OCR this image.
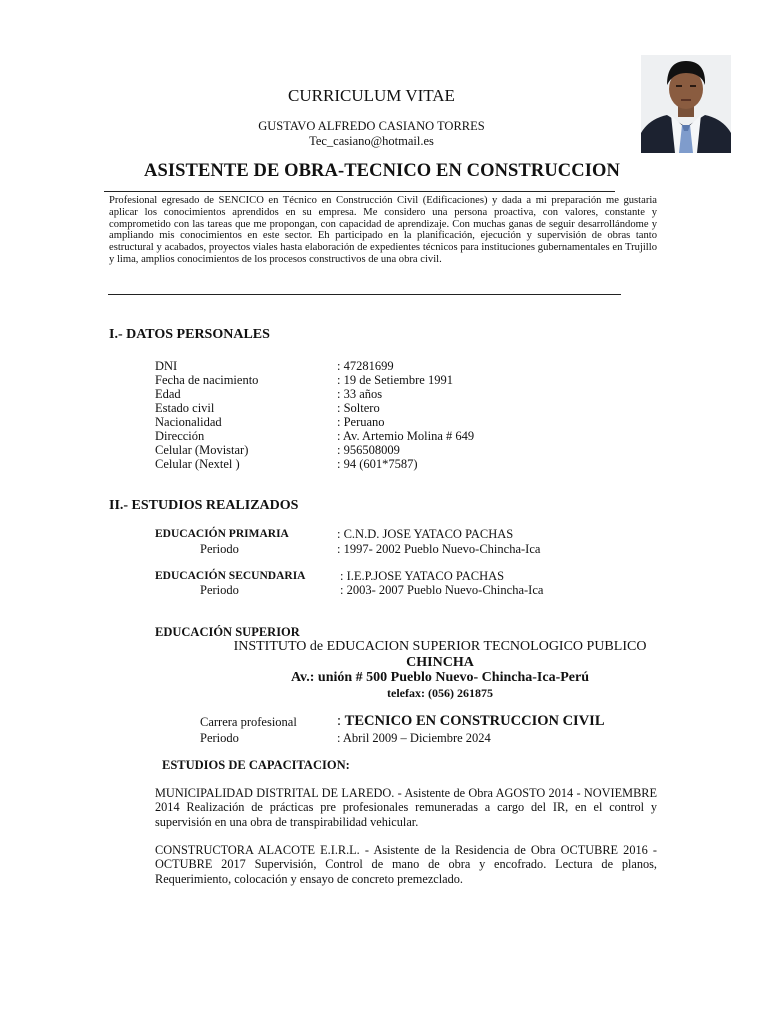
CURRICULUM VITAE
GUSTAVO ALFREDO CASIANO TORRES
Tec_casiano@hotmail.es
ASISTENTE DE OBRA-TECNICO EN CONSTRUCCION
Profesional egresado de SENCICO en Técnico en Construcción Civil (Edificaciones) y dada a mi preparación me gustaria aplicar los conocimientos aprendidos en su empresa. Me considero una persona proactiva, con valores, constante y comprometido con las tareas que me propongan, con capacidad de aprendizaje. Con muchas ganas de seguir desarrollándome y ampliando mis conocimientos en este sector. Eh participado en la planificación, ejecución y supervisión de obras tanto estructural y acabados, proyectos viales hasta elaboración de expedientes técnicos para instituciones gubernamentales en Trujillo y lima, amplios conocimientos de los procesos constructivos de una obra civil.
I.- DATOS PERSONALES
DNI	: 47281699
Fecha de nacimiento	: 19 de Setiembre 1991
Edad	: 33 años
Estado civil	: Soltero
Nacionalidad	: Peruano
Dirección	: Av. Artemio Molina # 649
Celular (Movistar)	: 956508009
Celular (Nextel )	: 94 (601*7587)
II.- ESTUDIOS REALIZADOS
EDUCACIÓN PRIMARIA	: C.N.D. JOSE YATACO PACHAS
Periodo	: 1997- 2002 Pueblo Nuevo-Chincha-Ica
EDUCACIÓN SECUNDARIA	: I.E.P.JOSE YATACO PACHAS
Periodo	: 2003- 2007 Pueblo Nuevo-Chincha-Ica
EDUCACIÓN SUPERIOR
INSTITUTO de EDUCACION SUPERIOR TECNOLOGICO PUBLICO
CHINCHA
Av.: unión # 500 Pueblo Nuevo- Chincha-Ica-Perú
telefax: (056) 261875
Carrera profesional	: TECNICO EN CONSTRUCCION CIVIL
Periodo	: Abril 2009 – Diciembre 2024
ESTUDIOS DE CAPACITACION:
MUNICIPALIDAD DISTRITAL DE LAREDO. - Asistente de Obra AGOSTO 2014 - NOVIEMBRE 2014 Realización de prácticas pre profesionales remuneradas a cargo del IR, en el control y supervisión en una obra de transpirabilidad vehicular.
CONSTRUCTORA ALACOTE E.I.R.L. - Asistente de la Residencia de Obra OCTUBRE 2016 - OCTUBRE 2017 Supervisión, Control de mano de obra y encofrado. Lectura de planos, Requerimiento, colocación y ensayo de concreto premezclado.
